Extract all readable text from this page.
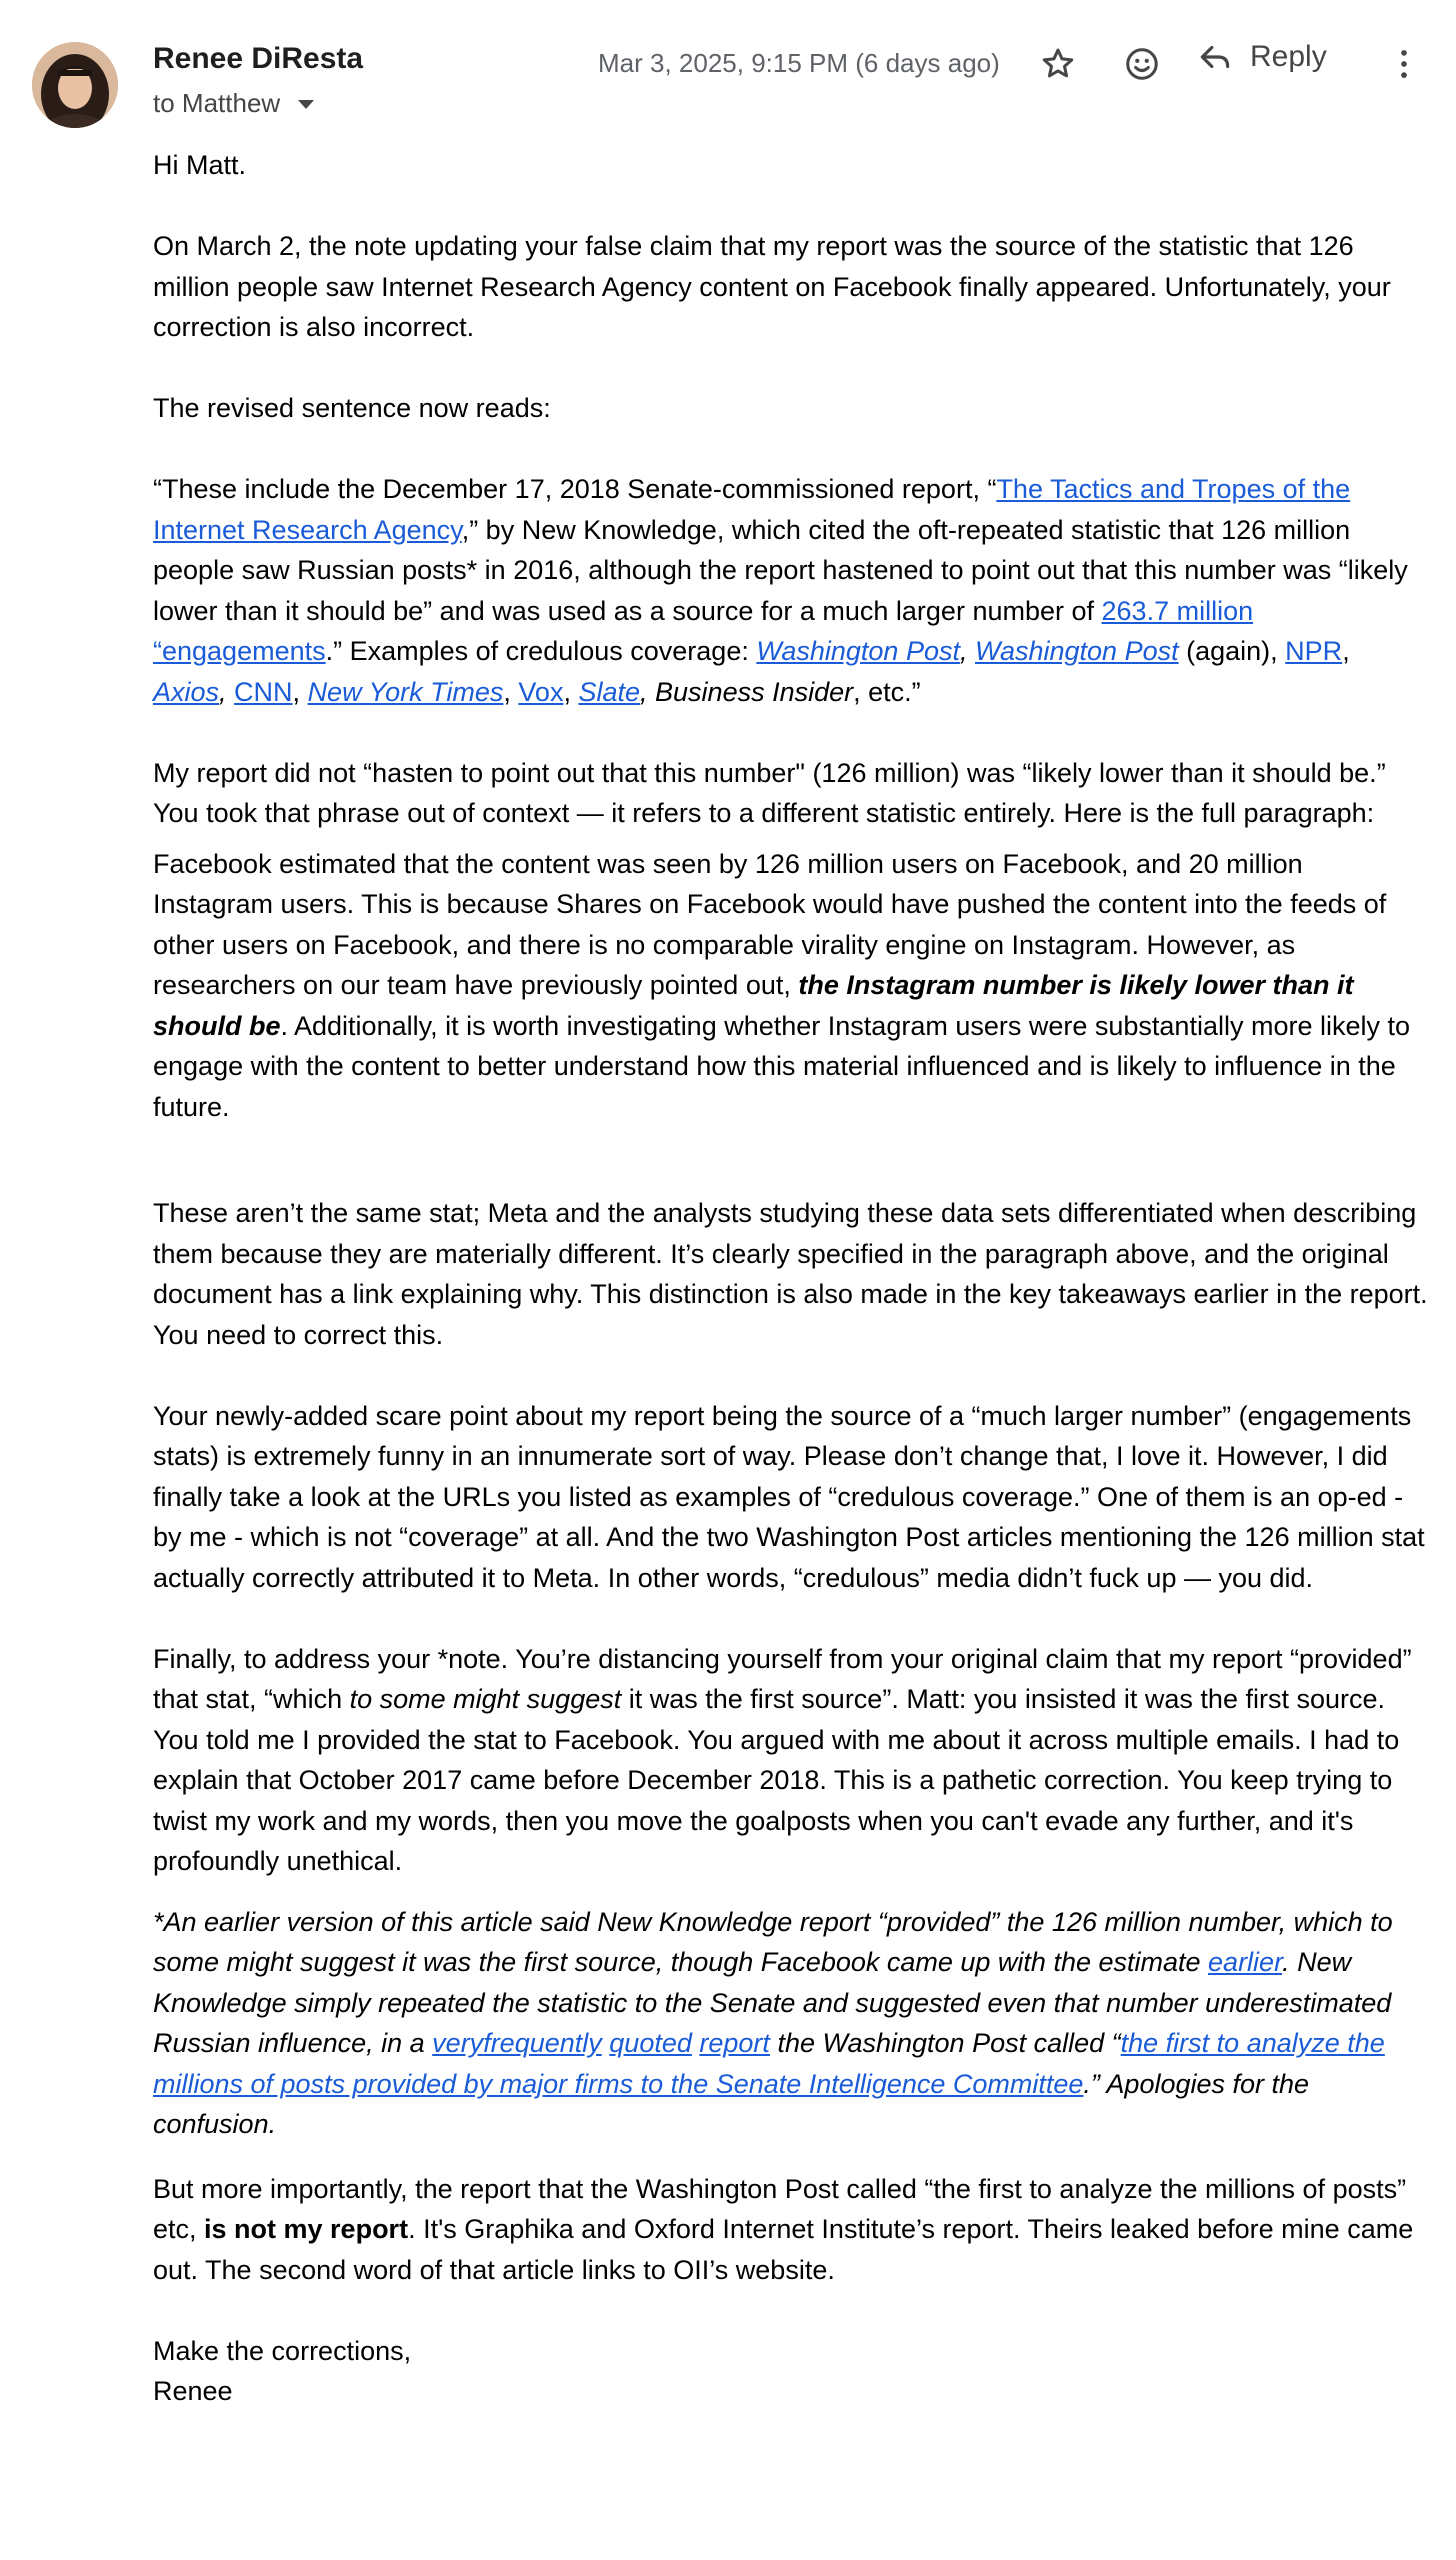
Renee DiResta
to Matthew
Mar 3, 2025, 9:15 PM (6 days ago)	Reply

Hi Matt.

On March 2, the note updating your false claim that my report was the source of the statistic that 126 million people saw Internet Research Agency content on Facebook finally appeared. Unfortunately, your correction is also incorrect.

The revised sentence now reads:

“These include the December 17, 2018 Senate-commissioned report, “The Tactics and Tropes of the Internet Research Agency,” by New Knowledge, which cited the oft-repeated statistic that 126 million people saw Russian posts* in 2016, although the report hastened to point out that this number was “likely lower than it should be” and was used as a source for a much larger number of 263.7 million “engagements.” Examples of credulous coverage: Washington Post, Washington Post (again), NPR, Axios, CNN, New York Times, Vox, Slate, Business Insider, etc.”

My report did not “hasten to point out that this number" (126 million) was “likely lower than it should be.” You took that phrase out of context — it refers to a different statistic entirely. Here is the full paragraph:

Facebook estimated that the content was seen by 126 million users on Facebook, and 20 million Instagram users. This is because Shares on Facebook would have pushed the content into the feeds of other users on Facebook, and there is no comparable virality engine on Instagram. However, as researchers on our team have previously pointed out, the Instagram number is likely lower than it should be. Additionally, it is worth investigating whether Instagram users were substantially more likely to engage with the content to better understand how this material influenced and is likely to influence in the future.

These aren’t the same stat; Meta and the analysts studying these data sets differentiated when describing them because they are materially different. It’s clearly specified in the paragraph above, and the original document has a link explaining why. This distinction is also made in the key takeaways earlier in the report. You need to correct this.

Your newly-added scare point about my report being the source of a “much larger number” (engagements stats) is extremely funny in an innumerate sort of way. Please don’t change that, I love it. However, I did finally take a look at the URLs you listed as examples of “credulous coverage.” One of them is an op-ed - by me - which is not “coverage” at all. And the two Washington Post articles mentioning the 126 million stat actually correctly attributed it to Meta. In other words, “credulous” media didn’t fuck up — you did.

Finally, to address your *note. You’re distancing yourself from your original claim that my report “provided” that stat, “which to some might suggest it was the first source”. Matt: you insisted it was the first source. You told me I provided the stat to Facebook. You argued with me about it across multiple emails. I had to explain that October 2017 came before December 2018. This is a pathetic correction. You keep trying to twist my work and my words, then you move the goalposts when you can't evade any further, and it's profoundly unethical.

*An earlier version of this article said New Knowledge report “provided” the 126 million number, which to some might suggest it was the first source, though Facebook came up with the estimate earlier. New Knowledge simply repeated the statistic to the Senate and suggested even that number underestimated Russian influence, in a veryfrequently quoted report the Washington Post called “the first to analyze the millions of posts provided by major firms to the Senate Intelligence Committee.” Apologies for the confusion.

But more importantly, the report that the Washington Post called “the first to analyze the millions of posts” etc, is not my report. It's Graphika and Oxford Internet Institute’s report. Theirs leaked before mine came out. The second word of that article links to OII’s website.

Make the corrections,

Renee
